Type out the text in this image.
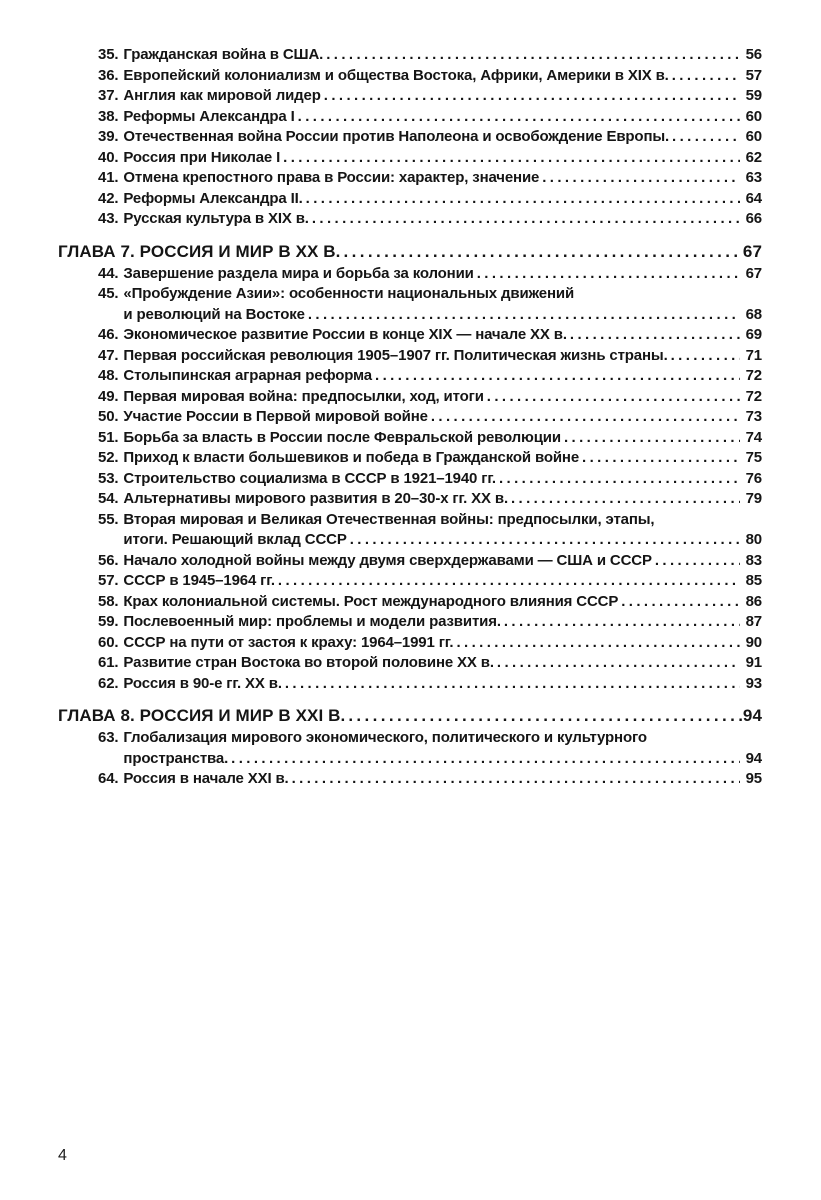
35. Гражданская война в США. .....	56
36. Европейский колониализм и общества Востока, Африки, Америки в XIX в. .....	57
37. Англия как мировой лидер .....	59
38. Реформы Александра I .....	60
39. Отечественная война России против Наполеона и освобождение Европы. .....	60
40. Россия при Николае I .....	62
41. Отмена крепостного права в России: характер, значение .....	63
42. Реформы Александра II. .....	64
43. Русская культура в XIX в. .....	66
ГЛАВА 7. РОССИЯ И МИР В XX В. .....	67
44. Завершение раздела мира и борьба за колонии .....	67
45. «Пробуждение Азии»: особенности национальных движений
и революций на Востоке .....	68
46. Экономическое развитие России в конце XIX — начале XX в. .....	69
47. Первая российская революция 1905–1907 гг. Политическая жизнь страны. .....	71
48. Столыпинская аграрная реформа .....	72
49. Первая мировая война: предпосылки, ход, итоги .....	72
50. Участие России в Первой мировой войне .....	73
51. Борьба за власть в России после Февральской революции .....	74
52. Приход к власти большевиков и победа в Гражданской войне .....	75
53. Строительство социализма в СССР в 1921–1940 гг. .....	76
54. Альтернативы мирового развития в 20–30-х гг. XX в. .....	79
55. Вторая мировая и Великая Отечественная войны: предпосылки, этапы,
итоги. Решающий вклад СССР .....	80
56. Начало холодной войны между двумя сверхдержавами — США и СССР .....	83
57. СССР в 1945–1964 гг. .....	85
58. Крах колониальной системы. Рост международного влияния СССР .....	86
59. Послевоенный мир: проблемы и модели развития. .....	87
60. СССР на пути от застоя к краху: 1964–1991 гг. .....	90
61. Развитие стран Востока во второй половине XX в. .....	91
62. Россия в 90-е гг. XX в. .....	93
ГЛАВА 8. РОССИЯ И МИР В XXI В. .....	94
63. Глобализация мирового экономического, политического и культурного
пространства. .....	94
64. Россия в начале XXI в. .....	95
4
